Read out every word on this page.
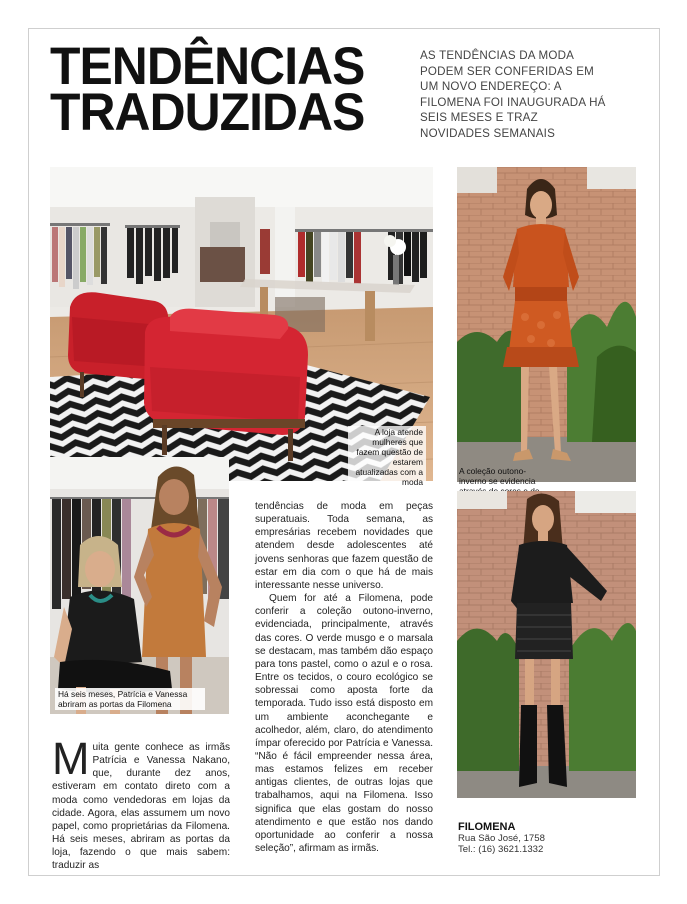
TENDÊNCIAS
TRADUZIDAS
AS TENDÊNCIAS DA MODA PODEM SER CONFERIDAS EM UM NOVO ENDEREÇO: A FILOMENA FOI INAUGURADA HÁ SEIS MESES E TRAZ NOVIDADES SEMANAIS
A loja atende mulheres que fazem questão de estarem atualizadas com a moda
A coleção outono-inverno se evidencia
Há seis meses, Patrícia e Vanessa abriram as portas da Filomena

Muita gente conhece as irmãs Patrícia e Vanessa Nakano, que, durante dez anos, estiveram em contato direto com a moda como vendedoras em lojas da cidade. Agora, elas assumem um novo papel, como proprietárias da Filomena. Há seis meses, abriram as portas da loja, fazendo o que mais sabem: traduzir as

tendências de moda em peças superatuais. Toda semana, as empresárias recebem novidades que atendem desde adolescentes até jovens senhoras que fazem questão de estar em dia com o que há de mais interessante nesse universo.

Quem for até a Filomena, pode conferir a coleção outono-inverno, evidenciada, principalmente, através das cores. O verde musgo e o marsala se destacam, mas também dão espaço para tons pastel, como o azul e o rosa. Entre os tecidos, o couro ecológico se sobressai como aposta forte da temporada. Tudo isso está disposto em um ambiente aconchegante e acolhedor, além, claro, do atendimento ímpar oferecido por Patrícia e Vanessa. “Não é fácil empreender nessa área, mas estamos felizes em receber antigas clientes, de outras lojas que trabalhamos, aqui na Filomena. Isso significa que elas gostam do nosso atendimento e que estão nos dando oportunidade ao conferir a nossa seleção”, afirmam as irmãs.

FILOMENA
Rua São José, 1758
Tel.: (16) 3621.1332
